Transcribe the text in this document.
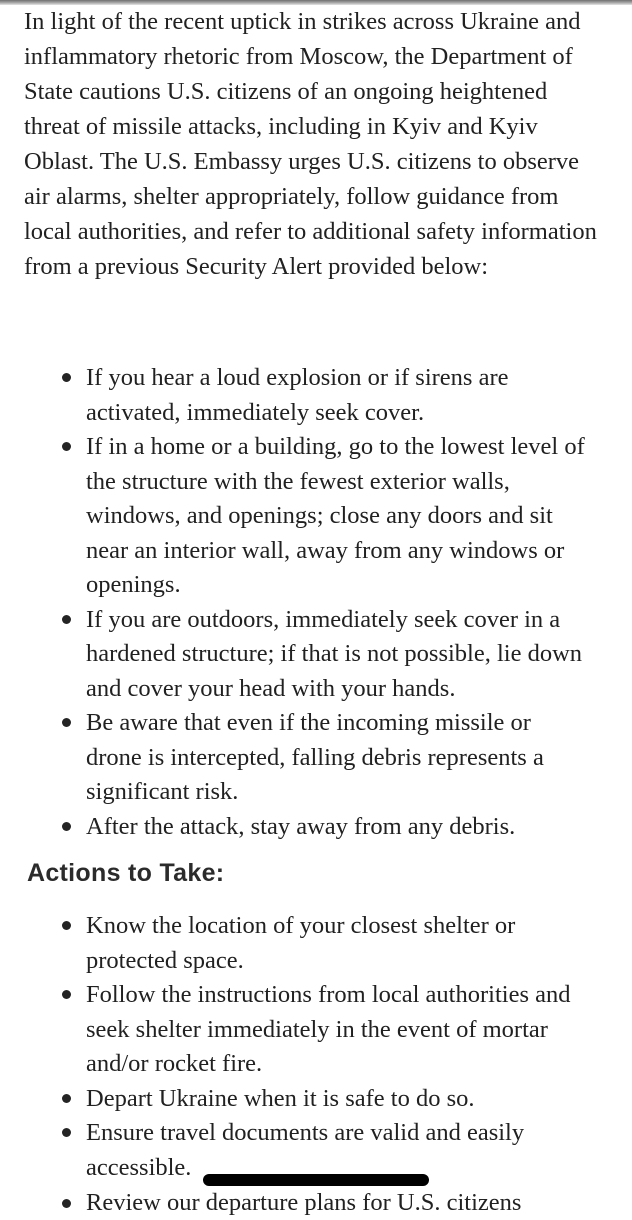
In light of the recent uptick in strikes across Ukraine and
inflammatory rhetoric from Moscow, the Department of
State cautions U.S. citizens of an ongoing heightened
threat of missile attacks, including in Kyiv and Kyiv
Oblast. The U.S. Embassy urges U.S. citizens to observe
air alarms, shelter appropriately, follow guidance from
local authorities, and refer to additional safety information
from a previous Security Alert provided below:

If you hear a loud explosion or if sirens are
activated, immediately seek cover.
If in a home or a building, go to the lowest level of
the structure with the fewest exterior walls,
windows, and openings; close any doors and sit
near an interior wall, away from any windows or
openings.
If you are outdoors, immediately seek cover in a
hardened structure; if that is not possible, lie down
and cover your head with your hands.
Be aware that even if the incoming missile or
drone is intercepted, falling debris represents a
significant risk.
After the attack, stay away from any debris.
Actions to Take:
Know the location of your closest shelter or
protected space.
Follow the instructions from local authorities and
seek shelter immediately in the event of mortar
and/or rocket fire.
Depart Ukraine when it is safe to do so.
Ensure travel documents are valid and easily
accessible.
Review our departure plans for U.S. citizens
